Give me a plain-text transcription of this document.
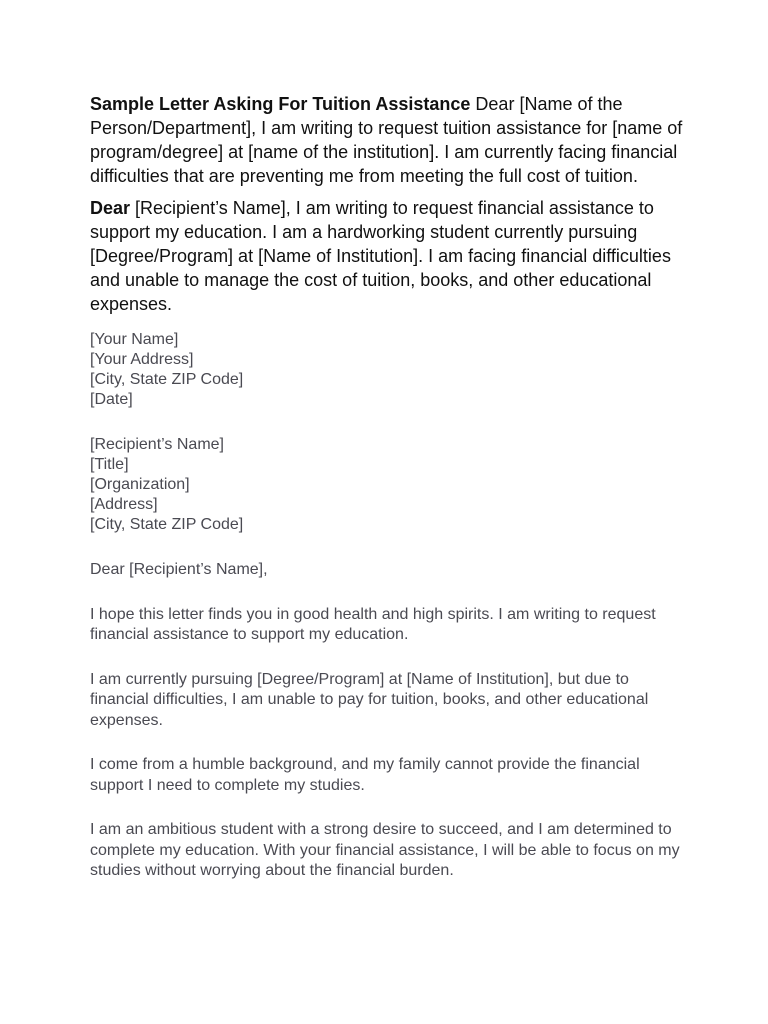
Sample Letter Asking For Tuition Assistance Dear [Name of the Person/Department], I am writing to request tuition assistance for [name of program/degree] at [name of the institution]. I am currently facing financial difficulties that are preventing me from meeting the full cost of tuition.

Dear [Recipient’s Name], I am writing to request financial assistance to support my education. I am a hardworking student currently pursuing [Degree/Program] at [Name of Institution]. I am facing financial difficulties and unable to manage the cost of tuition, books, and other educational expenses.

[Your Name]
[Your Address]
[City, State ZIP Code]
[Date]
[Recipient’s Name]
[Title]
[Organization]
[Address]
[City, State ZIP Code]

Dear [Recipient’s Name],

I hope this letter finds you in good health and high spirits. I am writing to request financial assistance to support my education.

I am currently pursuing [Degree/Program] at [Name of Institution], but due to financial difficulties, I am unable to pay for tuition, books, and other educational expenses.

I come from a humble background, and my family cannot provide the financial support I need to complete my studies.

I am an ambitious student with a strong desire to succeed, and I am determined to complete my education. With your financial assistance, I will be able to focus on my studies without worrying about the financial burden.
